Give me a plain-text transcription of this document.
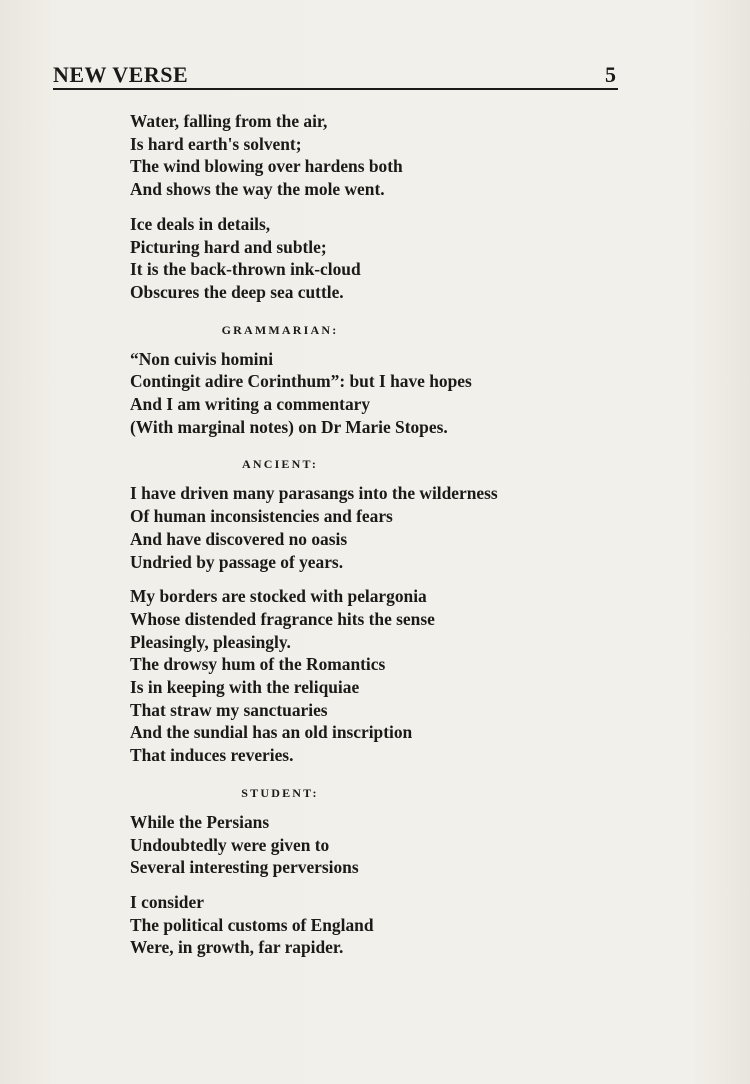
NEW VERSE	5
Water, falling from the air,
Is hard earth's solvent;
The wind blowing over hardens both
And shows the way the mole went.
Ice deals in details,
Picturing hard and subtle;
It is the back-thrown ink-cloud
Obscures the deep sea cuttle.
GRAMMARIAN:
“Non cuivis homini
Contingit adire Corinthum”: but I have hopes
And I am writing a commentary
(With marginal notes) on Dr Marie Stopes.
ANCIENT:
I have driven many parasangs into the wilderness
Of human inconsistencies and fears
And have discovered no oasis
Undried by passage of years.
My borders are stocked with pelargonia
Whose distended fragrance hits the sense
Pleasingly, pleasingly.
The drowsy hum of the Romantics
Is in keeping with the reliquiae
That straw my sanctuaries
And the sundial has an old inscription
That induces reveries.
STUDENT:
While the Persians
Undoubtedly were given to
Several interesting perversions
I consider
The political customs of England
Were, in growth, far rapider.
